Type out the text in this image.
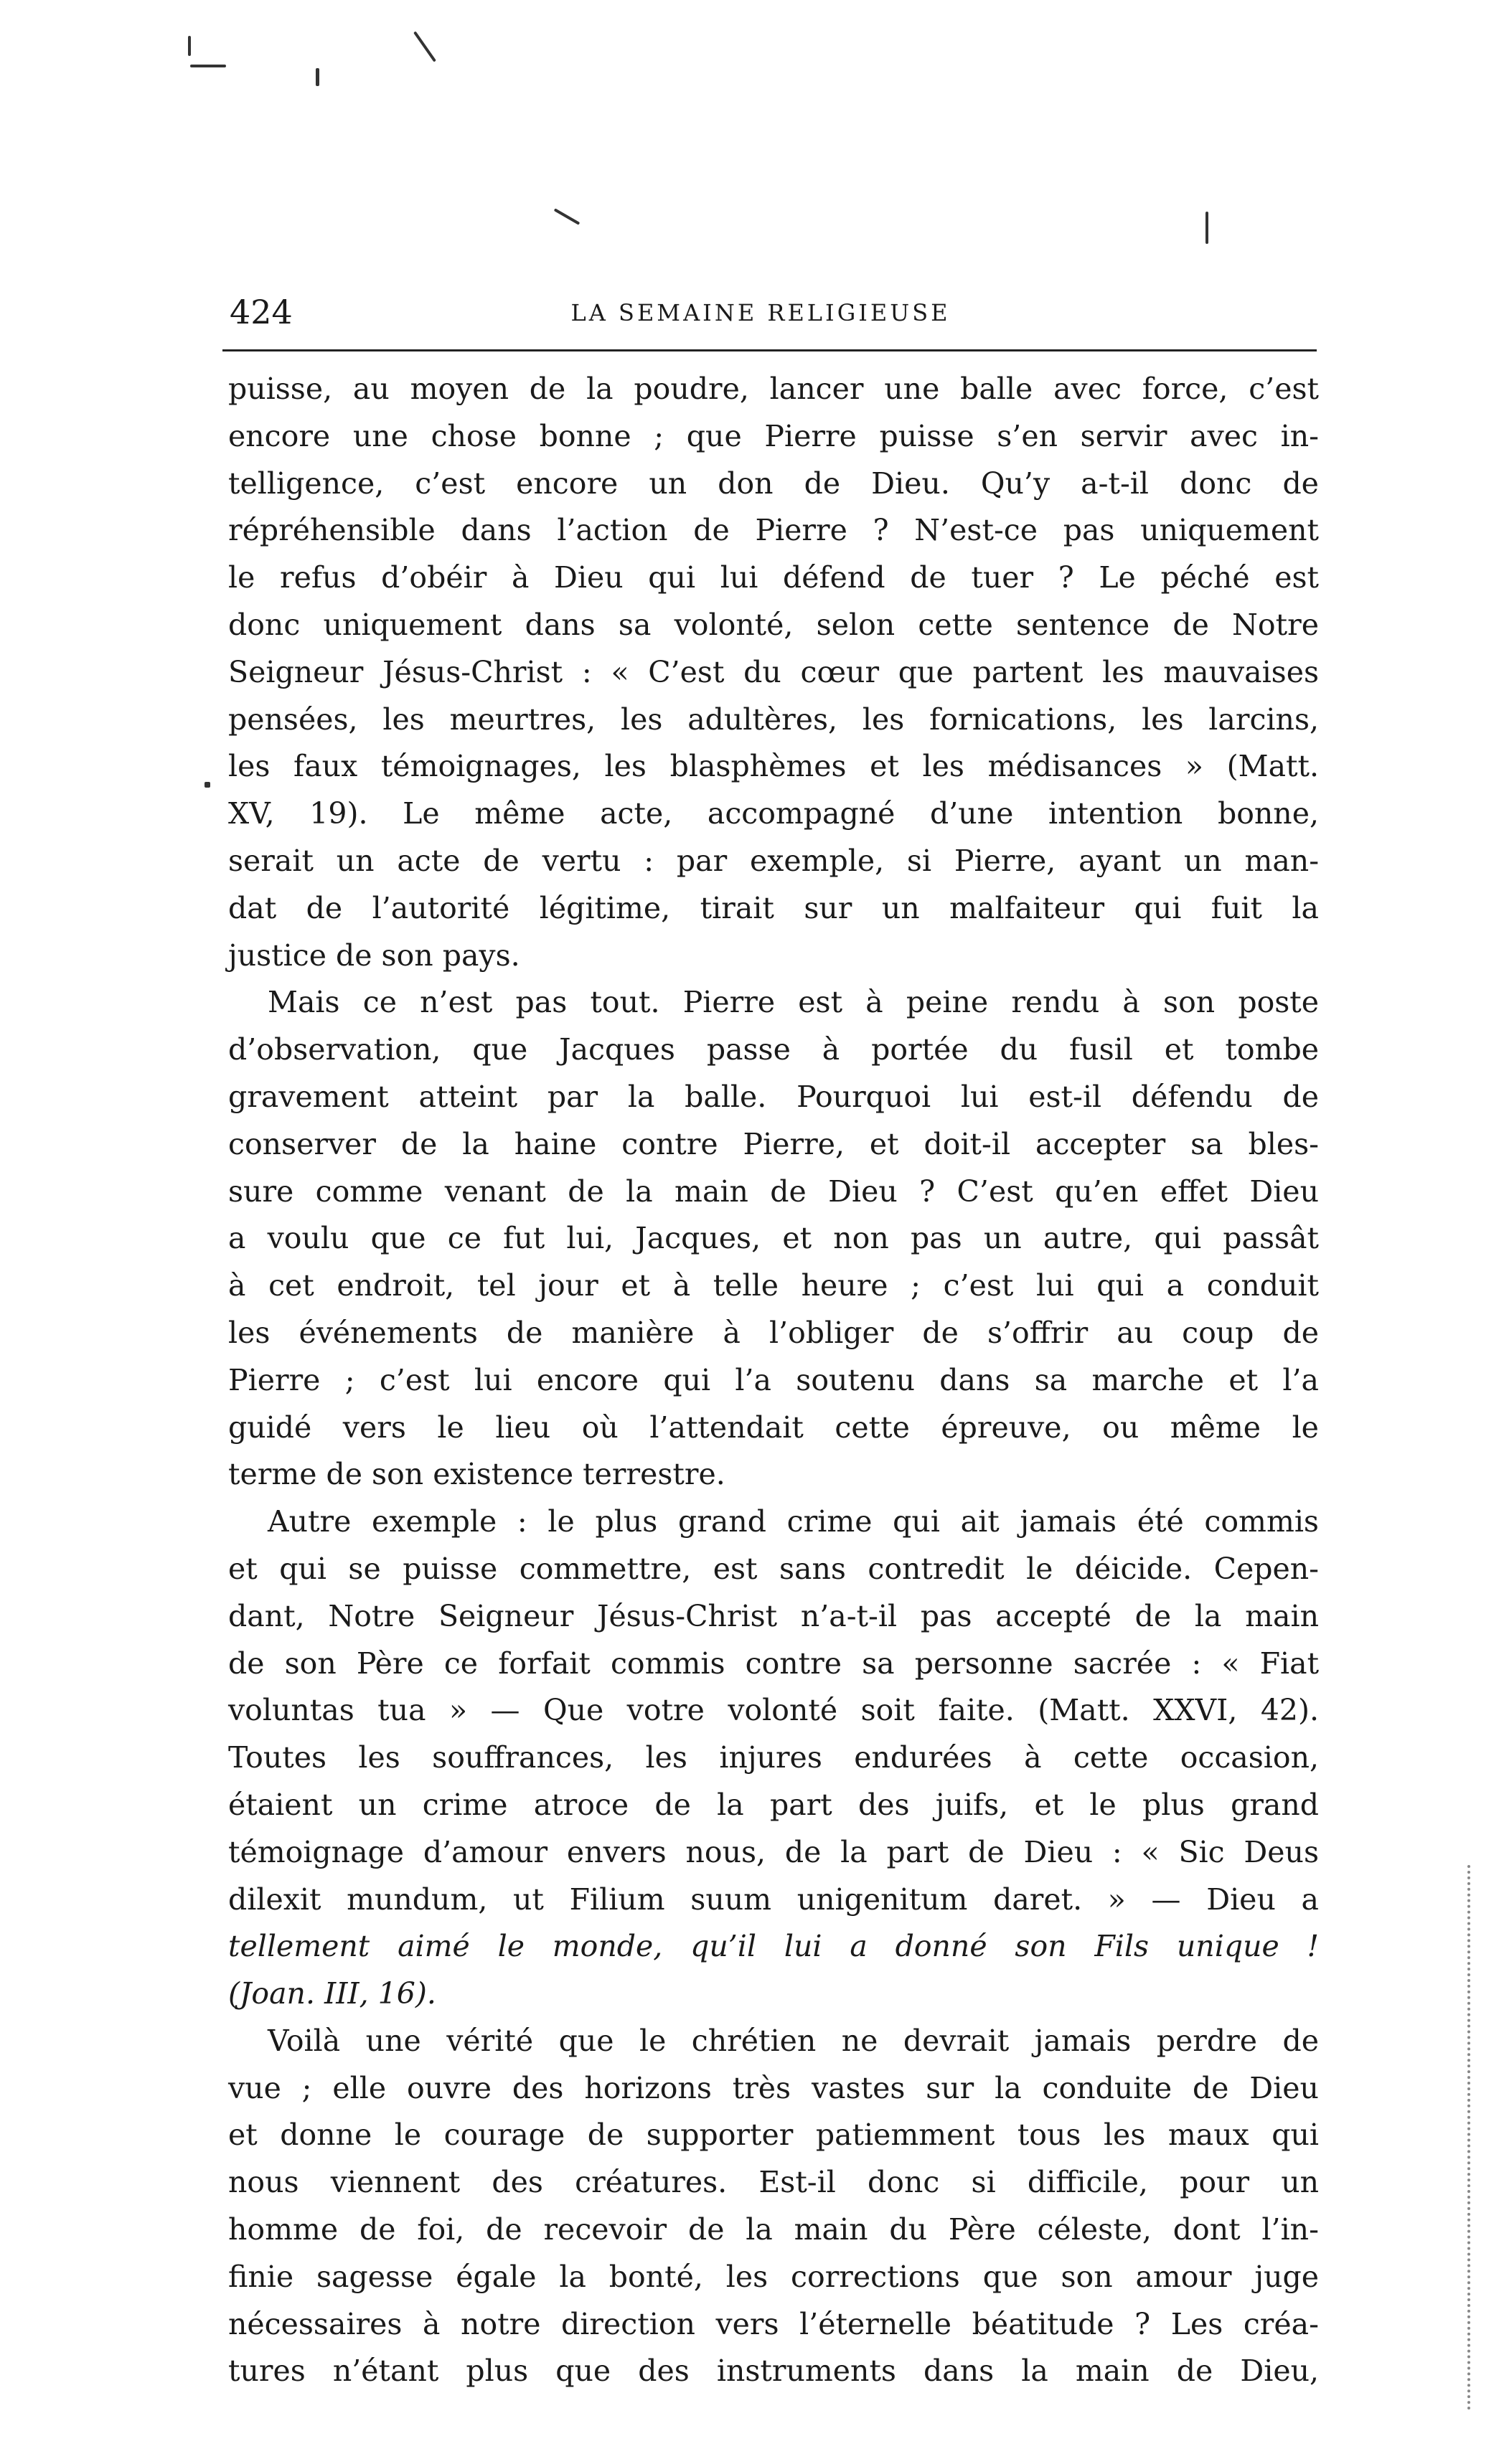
424	LA SEMAINE RELIGIEUSE
puisse, au moyen de la poudre, lancer une balle avec force, c’est
encore une chose bonne ; que Pierre puisse s’en servir avec in-
telligence, c’est encore un don de Dieu. Qu’y a-t-il donc de
répréhensible dans l’action de Pierre ? N’est-ce pas uniquement
le refus d’obéir à Dieu qui lui défend de tuer ? Le péché est
donc uniquement dans sa volonté, selon cette sentence de Notre
Seigneur Jésus-Christ : « C’est du cœur que partent les mauvaises
pensées, les meurtres, les adultères, les fornications, les larcins,
les faux témoignages, les blasphèmes et les médisances » (Matt.
XV, 19). Le même acte, accompagné d’une intention bonne,
serait un acte de vertu : par exemple, si Pierre, ayant un man-
dat de l’autorité légitime, tirait sur un malfaiteur qui fuit la
justice de son pays.
Mais ce n’est pas tout. Pierre est à peine rendu à son poste
d’observation, que Jacques passe à portée du fusil et tombe
gravement atteint par la balle. Pourquoi lui est-il défendu de
conserver de la haine contre Pierre, et doit-il accepter sa bles-
sure comme venant de la main de Dieu ? C’est qu’en effet Dieu
a voulu que ce fut lui, Jacques, et non pas un autre, qui passât
à cet endroit, tel jour et à telle heure ; c’est lui qui a conduit
les événements de manière à l’obliger de s’offrir au coup de
Pierre ; c’est lui encore qui l’a soutenu dans sa marche et l’a
guidé vers le lieu où l’attendait cette épreuve, ou même le
terme de son existence terrestre.
Autre exemple : le plus grand crime qui ait jamais été commis
et qui se puisse commettre, est sans contredit le déicide. Cepen-
dant, Notre Seigneur Jésus-Christ n’a-t-il pas accepté de la main
de son Père ce forfait commis contre sa personne sacrée : « Fiat
voluntas tua » — Que votre volonté soit faite. (Matt. XXVI, 42).
Toutes les souffrances, les injures endurées à cette occasion,
étaient un crime atroce de la part des juifs, et le plus grand
témoignage d’amour envers nous, de la part de Dieu : « Sic Deus
dilexit mundum, ut Filium suum unigenitum daret. » — Dieu a
tellement aimé le monde, qu’il lui a donné son Fils unique !
(Joan. III, 16).
Voilà une vérité que le chrétien ne devrait jamais perdre de
vue ; elle ouvre des horizons très vastes sur la conduite de Dieu
et donne le courage de supporter patiemment tous les maux qui
nous viennent des créatures. Est-il donc si difficile, pour un
homme de foi, de recevoir de la main du Père céleste, dont l’in-
finie sagesse égale la bonté, les corrections que son amour juge
nécessaires à notre direction vers l’éternelle béatitude ? Les créa-
tures n’étant plus que des instruments dans la main de Dieu,
